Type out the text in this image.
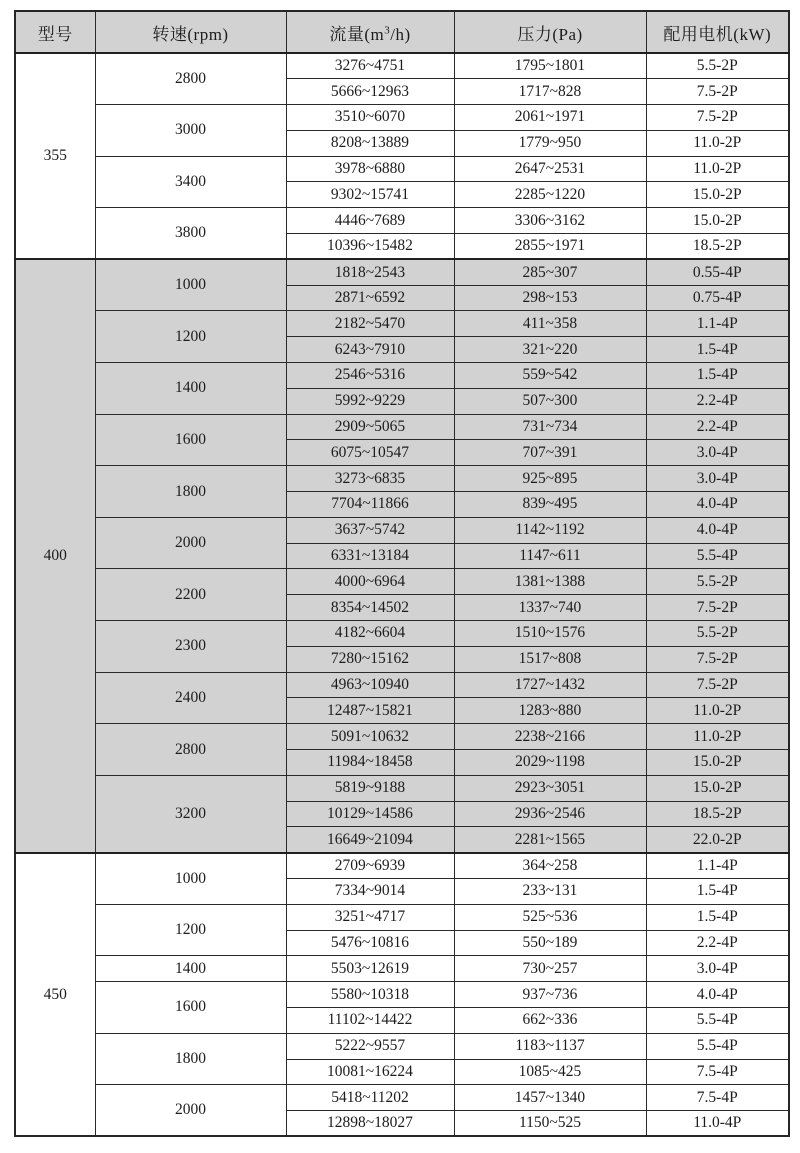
型号	转速(rpm)	流量$(m^3/h)$	压力(Pa)	配用电机(kW)
355	2800	3276~4751	1795~1801	5.5-2P
		5666~12963	1717~828	7.5-2P
	3000	3510~6070	2061~1971	7.5-2P
		8208~13889	1779~950	11.0-2P
	3400	3978~6880	2647~2531	11.0-2P
		9302~15741	2285~1220	15.0-2P
	3800	4446~7689	3306~3162	15.0-2P
		10396~15482	2855~1971	18.5-2P
400	1000	1818~2543	285~307	0.55-4P
		2871~6592	298~153	0.75-4P
	1200	2182~5470	411~358	1.1-4P
		6243~7910	321~220	1.5-4P
	1400	2546~5316	559~542	1.5-4P
		5992~9229	507~300	2.2-4P
	1600	2909~5065	731~734	2.2-4P
		6075~10547	707~391	3.0-4P
	1800	3273~6835	925~895	3.0-4P
		7704~11866	839~495	4.0-4P
	2000	3637~5742	1142~1192	4.0-4P
		6331~13184	1147~611	5.5-4P
	2200	4000~6964	1381~1388	5.5-2P
		8354~14502	1337~740	7.5-2P
	2300	4182~6604	1510~1576	5.5-2P
		7280~15162	1517~808	7.5-2P
	2400	4963~10940	1727~1432	7.5-2P
		12487~15821	1283~880	11.0-2P
	2800	5091~10632	2238~2166	11.0-2P
		11984~18458	2029~1198	15.0-2P
	3200	5819~9188	2923~3051	15.0-2P
		10129~14586	2936~2546	18.5-2P
		16649~21094	2281~1565	22.0-2P
450	1000	2709~6939	364~258	1.1-4P
		7334~9014	233~131	1.5-4P
	1200	3251~4717	525~536	1.5-4P
		5476~10816	550~189	2.2-4P
	1400	5503~12619	730~257	3.0-4P
	1600	5580~10318	937~736	4.0-4P
		11102~14422	662~336	5.5-4P
	1800	5222~9557	1183~1137	5.5-4P
		10081~16224	1085~425	7.5-4P
	2000	5418~11202	1457~1340	7.5-4P
		12898~18027	1150~525	11.0-4P
